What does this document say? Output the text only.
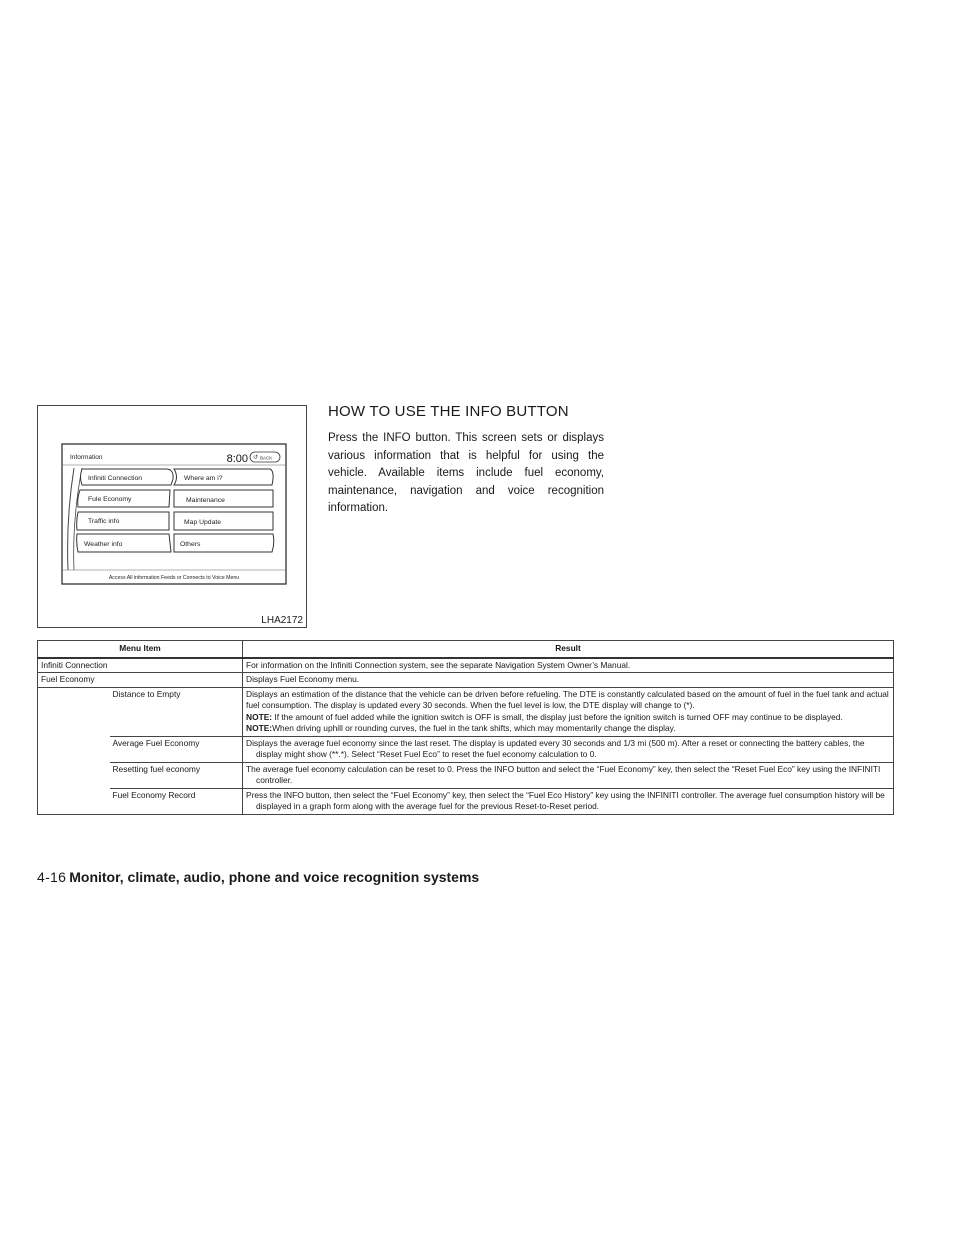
Information	8:00 ↺ BACK
Infiniti Connection
Fule Economy
Traffic info
Weather info
Where am i?
Maintenance
Map Update
Others
Access All information Feeds or Connects to Voice Menu
LHA2172
HOW TO USE THE INFO BUTTON

Press the INFO button. This screen sets or displays various information that is helpful for using the vehicle. Available items include fuel economy, maintenance, navigation and voice recognition information.

Menu Item		Result
Infiniti Connection		For information on the Infiniti Connection system, see the separate Navigation System Owner’s Manual.
Fuel Economy		Displays Fuel Economy menu.
	Distance to Empty	Displays an estimation of the distance that the vehicle can be driven before refueling. The DTE is constantly calculated based on the amount of fuel in the fuel tank and actual fuel consumption. The display is updated every 30 seconds. When the fuel level is low, the DTE display will change to (*).
NOTE: If the amount of fuel added while the ignition switch is OFF is small, the display just before the ignition switch is turned OFF may continue to be displayed.
NOTE:When driving uphill or rounding curves, the fuel in the tank shifts, which may momentarily change the display.
	Average Fuel Economy	Displays the average fuel economy since the last reset. The display is updated every 30 seconds and 1/3 mi (500 m). After a reset or connecting the battery cables, the display might show (**.*). Select “Reset Fuel Eco” to reset the fuel economy calculation to 0.

	Resetting fuel economy	The average fuel economy calculation can be reset to 0. Press the INFO button and select the “Fuel Economy” key, then select the “Reset Fuel Eco” key using the INFINITI controller.

	Fuel Economy Record	Press the INFO button, then select the “Fuel Economy” key, then select the “Fuel Eco History” key using the INFINITI controller. The average fuel consumption history will be displayed in a graph form along with the average fuel for the previous Reset-to-Reset period.
4-16 Monitor, climate, audio, phone and voice recognition systems
